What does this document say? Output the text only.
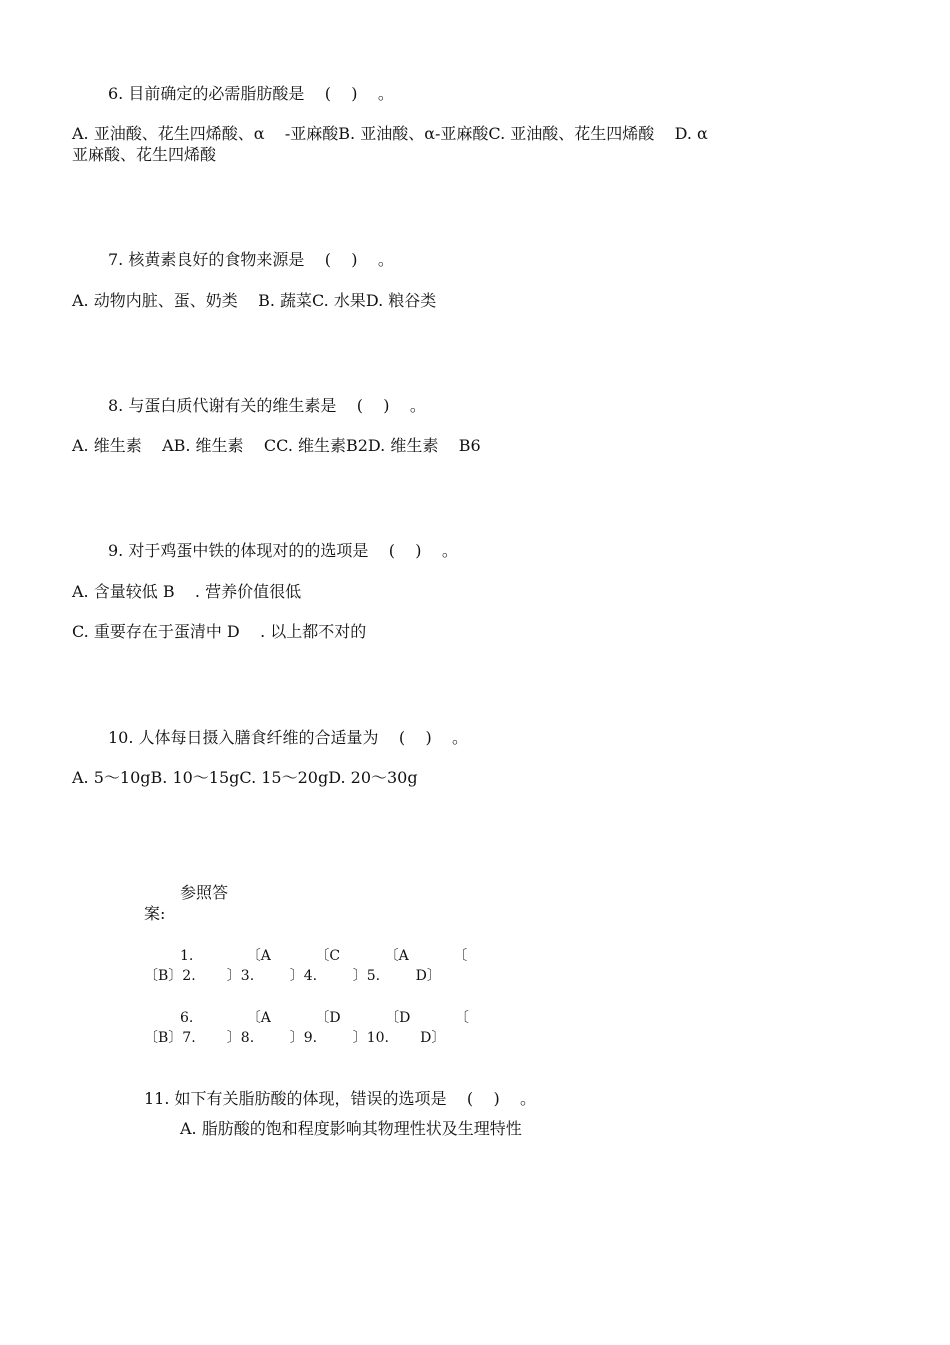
6. 目前确定的必需脂肪酸是    (    )    。
A. 亚油酸、花生四烯酸、α    -亚麻酸B. 亚油酸、α-亚麻酸C. 亚油酸、花生四烯酸    D. α
亚麻酸、花生四烯酸
7. 核黄素良好的食物来源是    (    )    。
A. 动物内脏、蛋、奶类    B. 蔬菜C. 水果D. 粮谷类
8. 与蛋白质代谢有关的维生素是    (    )    。
A. 维生素    AB. 维生素    CC. 维生素B2D. 维生素    B6
9. 对于鸡蛋中铁的体现对的的选项是    (    )    。
A. 含量较低 B    . 营养价值很低
C. 重要存在于蛋清中 D    . 以上都不对的
10. 人体每日摄入膳食纤维的合适量为    (    )    。
A. 5～10gB. 10～15gC. 15～20gD. 20～30g
参照答
案:
1.            〔A          〔C          〔A          〔
〔B〕2.       〕3.        〕4.        〕5.        D〕
6.            〔A          〔D          〔D          〔
〔B〕7.       〕8.        〕9.        〕10.       D〕
11. 如下有关脂肪酸的体现，错误的选项是    (    )    。
A. 脂肪酸的饱和程度影响其物理性状及生理特性
